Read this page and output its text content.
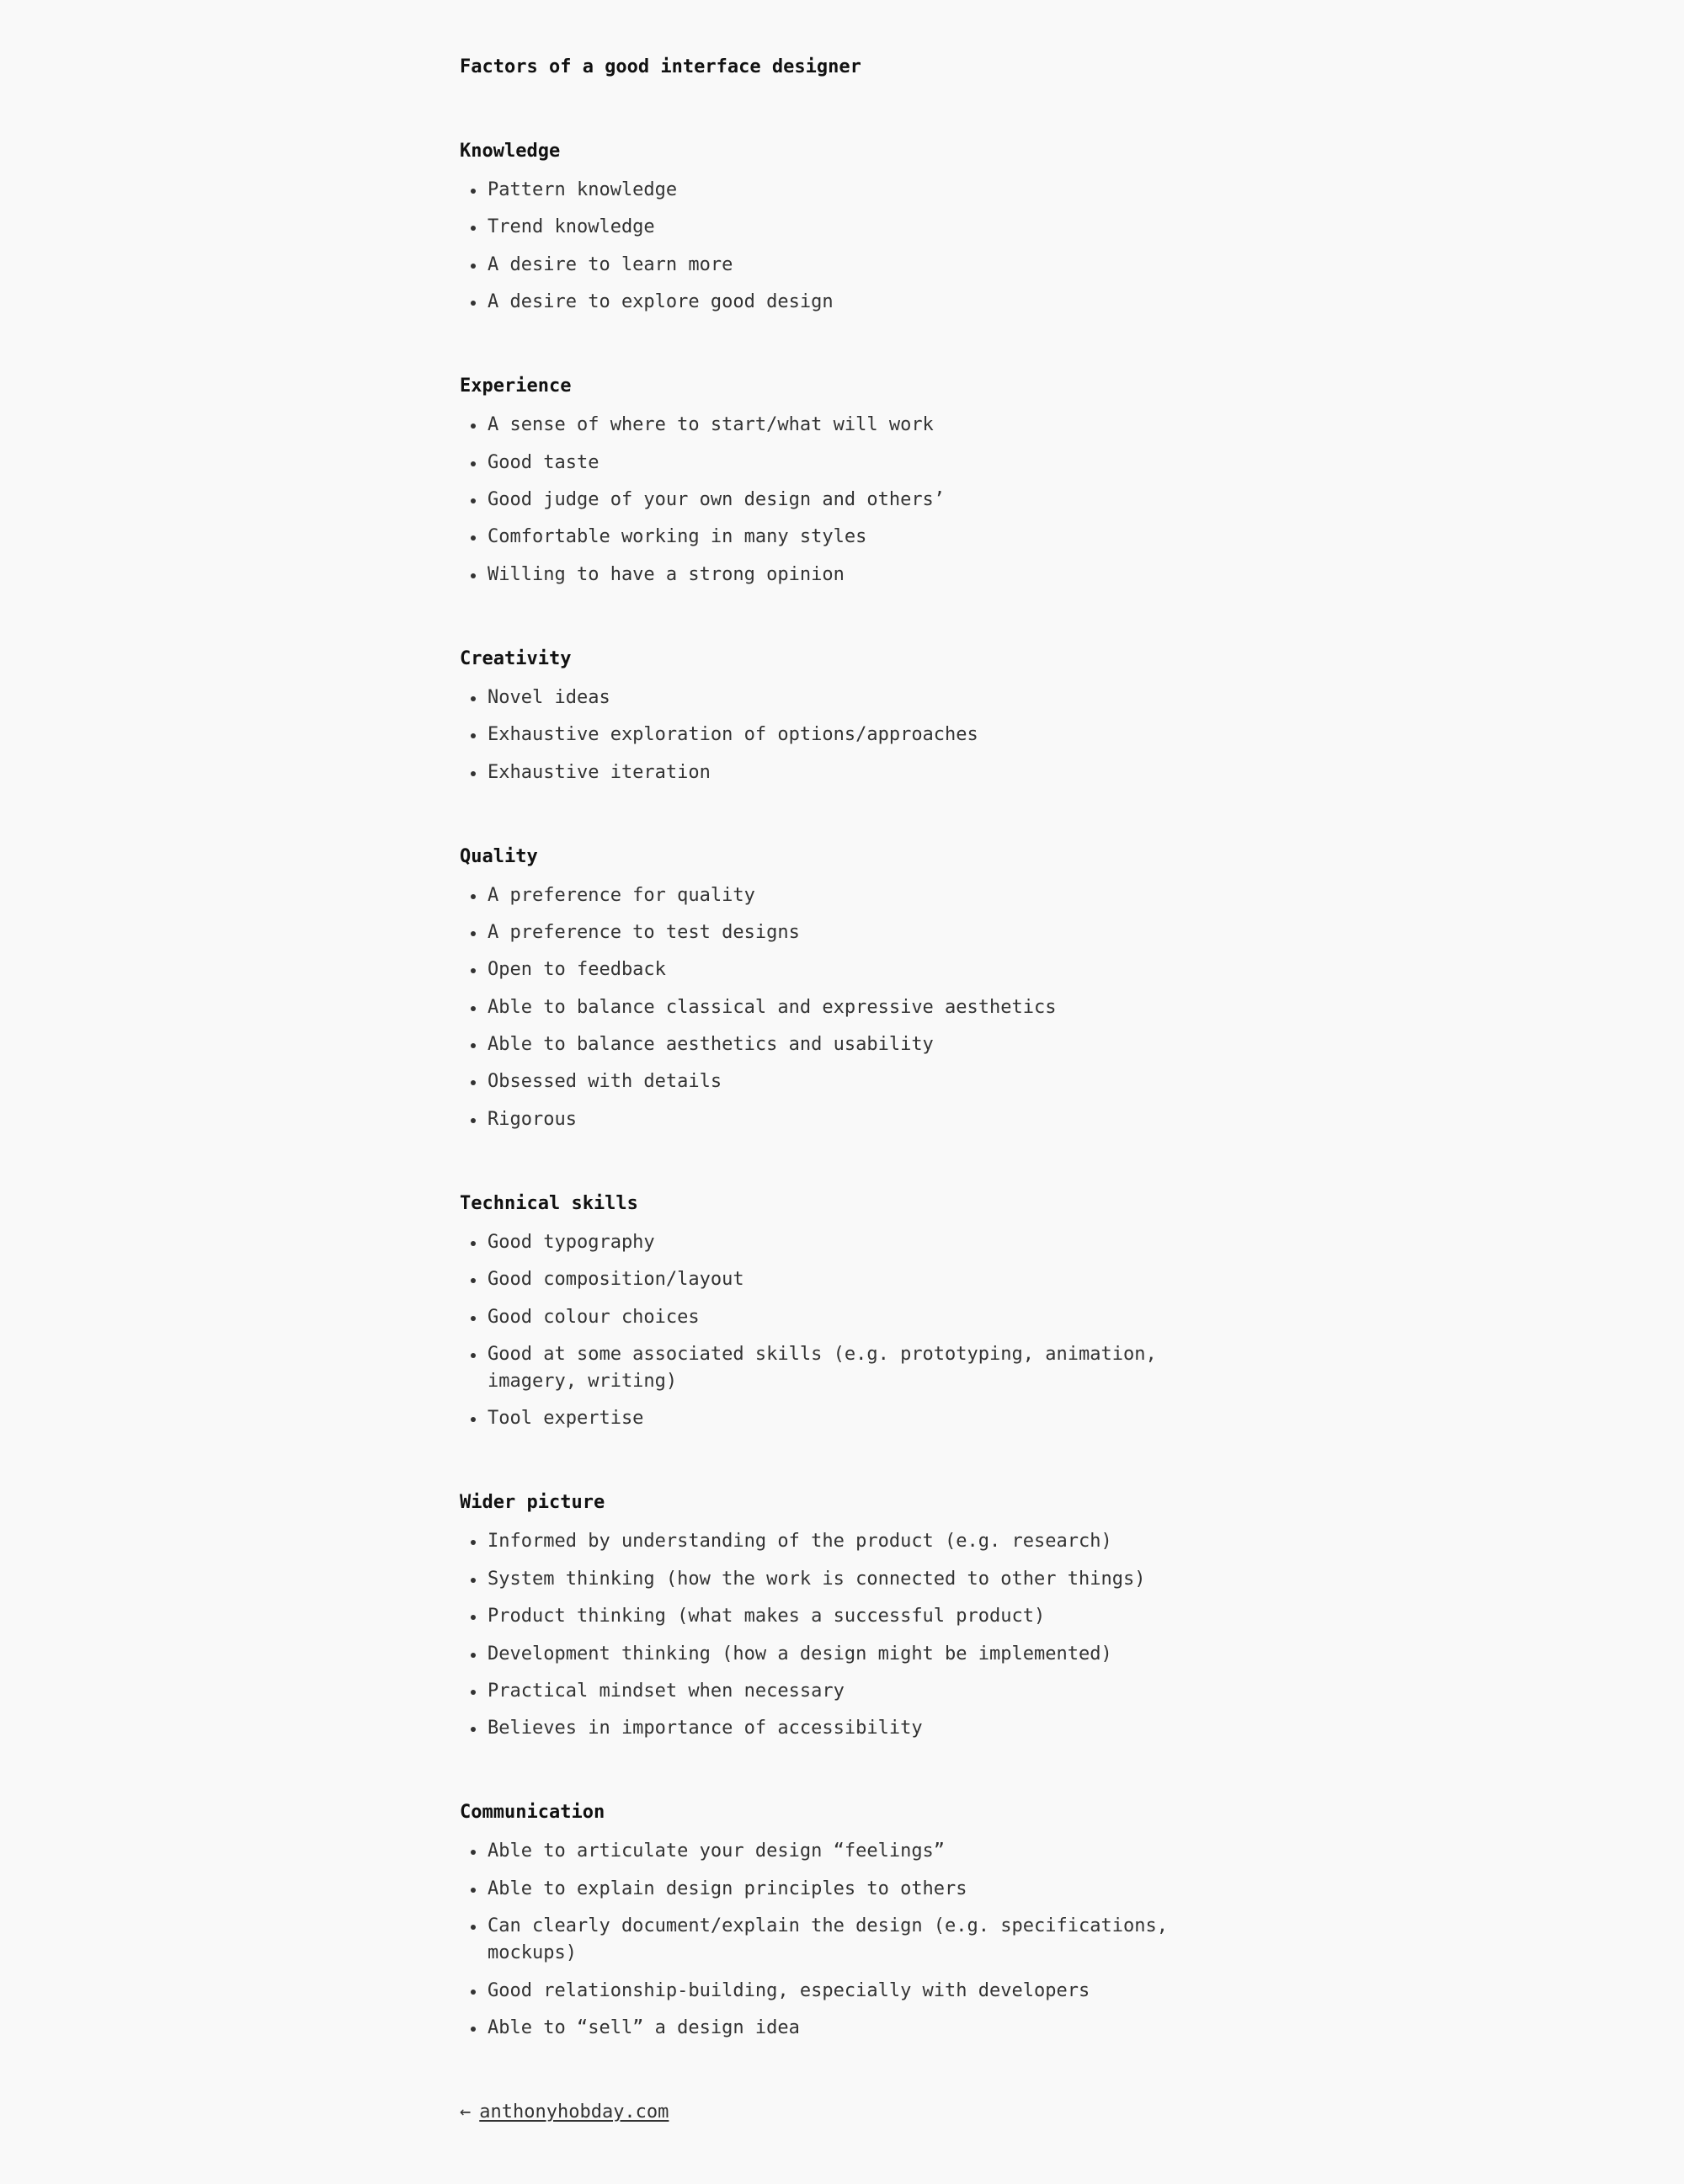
Factors of a good interface designer
Knowledge
Pattern knowledge
Trend knowledge
A desire to learn more
A desire to explore good design
Experience
A sense of where to start/what will work
Good taste
Good judge of your own design and others’
Comfortable working in many styles
Willing to have a strong opinion
Creativity
Novel ideas
Exhaustive exploration of options/approaches
Exhaustive iteration
Quality
A preference for quality
A preference to test designs
Open to feedback
Able to balance classical and expressive aesthetics
Able to balance aesthetics and usability
Obsessed with details
Rigorous
Technical skills
Good typography
Good composition/layout
Good colour choices
Good at some associated skills (e.g. prototyping, animation, imagery, writing)
Tool expertise
Wider picture
Informed by understanding of the product (e.g. research)
System thinking (how the work is connected to other things)
Product thinking (what makes a successful product)
Development thinking (how a design might be implemented)
Practical mindset when necessary
Believes in importance of accessibility
Communication
Able to articulate your design “feelings”
Able to explain design principles to others
Can clearly document/explain the design (e.g. specifications, mockups)
Good relationship-building, especially with developers
Able to “sell” a design idea
← anthonyhobday.com
